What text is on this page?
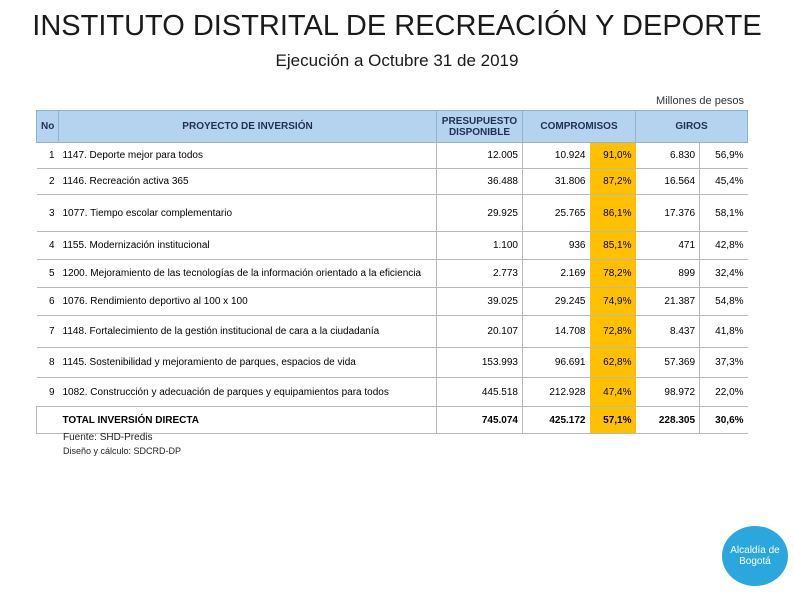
INSTITUTO DISTRITAL DE RECREACIÓN Y DEPORTE
Ejecución a Octubre 31 de 2019
Millones de pesos
No	PROYECTO DE INVERSIÓN	PRESUPUESTO DISPONIBLE	COMPROMISOS		GIROS	
1	1147. Deporte mejor para todos	12.005	10.924	91,0%	6.830	56,9%
2	1146. Recreación activa 365	36.488	31.806	87,2%	16.564	45,4%
3	1077. Tiempo escolar complementario	29.925	25.765	86,1%	17.376	58,1%
4	1155. Modernización institucional	1.100	936	85,1%	471	42,8%
5	1200. Mejoramiento de las tecnologías de la información orientado a la eficiencia	2.773	2.169	78,2%	899	32,4%
6	1076. Rendimiento deportivo al 100 x 100	39.025	29.245	74,9%	21.387	54,8%
7	1148. Fortalecimiento de la gestión institucional de cara a la ciudadanía	20.107	14.708	72,8%	8.437	41,8%
8	1145. Sostenibilidad y mejoramiento de parques, espacios de vida	153.993	96.691	62,8%	57.369	37,3%
9	1082. Construcción y adecuación de parques y equipamientos para todos	445.518	212.928	47,4%	98.972	22,0%
	TOTAL INVERSIÓN DIRECTA	745.074	425.172	57,1%	228.305	30,6%
Fuente: SHD-Predis
Diseño y cálculo: SDCRD-DP
Alcaldía de
Bogotá
